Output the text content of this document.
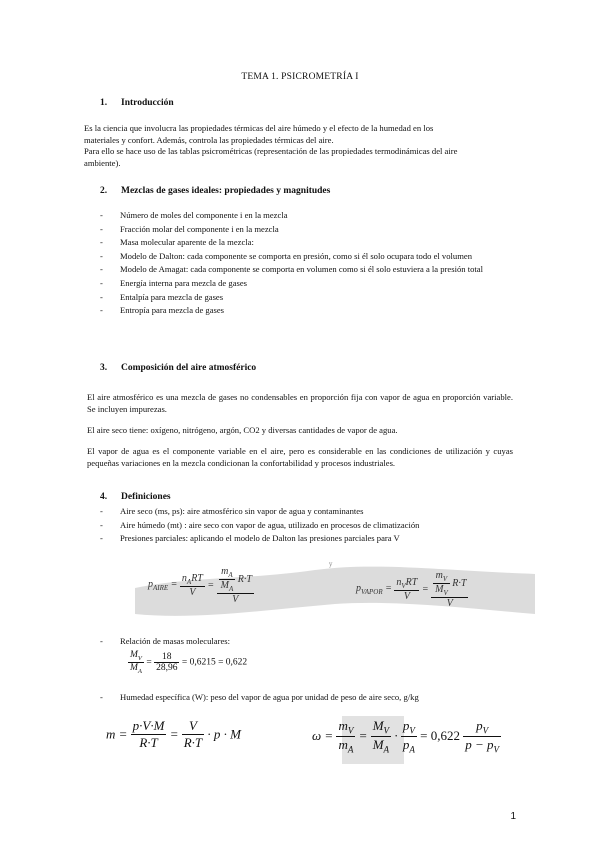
TEMA 1. PSICROMETRÍA I
1. Introducción
Es la ciencia que involucra las propiedades térmicas del aire húmedo y el efecto de la humedad en los
materiales y confort. Además, controla las propiedades térmicas del aire.
Para ello se hace uso de las tablas psicrométricas (representación de las propiedades termodinámicas del aire
ambiente).
2. Mezclas de gases ideales: propiedades y magnitudes
- Número de moles del componente i en la mezcla
- Fracción molar del componente i en la mezcla
- Masa molecular aparente de la mezcla:
- Modelo de Dalton: cada componente se comporta en presión, como si él solo ocupara todo el volumen
- Modelo de Amagat: cada componente se comporta en volumen como si él solo estuviera a la presión total
- Energía interna para mezcla de gases
- Entalpía para mezcla de gases
- Entropía para mezcla de gases
3. Composición del aire atmosférico
El aire atmosférico es una mezcla de gases no condensables en proporción fija con vapor de agua en proporción variable. Se incluyen impurezas.
El aire seco tiene: oxígeno, nitrógeno, argón, CO2 y diversas cantidades de vapor de agua.
El vapor de agua es el componente variable en el aire, pero es considerable en las condiciones de utilización y cuyas pequeñas variaciones en la mezcla condicionan la confortabilidad y procesos industriales.
4. Definiciones
- Aire seco (ms, ps): aire atmosférico sin vapor de agua y contaminantes
- Aire húmedo (mt) : aire seco con vapor de agua, utilizado en procesos de climatización
- Presiones parciales: aplicando el modelo de Dalton las presiones parciales para V
y
$p_{AIRE} = \frac{n_ART}{V} = \frac{\frac{m_A}{M_A} R\cdot T}{V}$	$p_{VAPOR} = \frac{n_VRT}{V} = \frac{\frac{m_V}{M_V} R\cdot T}{V}$
- Relación de masas moleculares:
$\frac{M_V}{M_A} = \frac{18}{28,96} = 0,6215 = 0,622$
- Humedad específica (W): peso del vapor de agua por unidad de peso de aire seco, g/kg
$m = \frac{p\cdot V\cdot M}{R\cdot T} = \frac{V}{R\cdot T} \cdot p \cdot M$	$\omega = \frac{m_V}{m_A} = \frac{M_V}{M_A} \cdot \frac{p_V}{p_A} = 0,622 \frac{p_V}{p - p_V}$
1
